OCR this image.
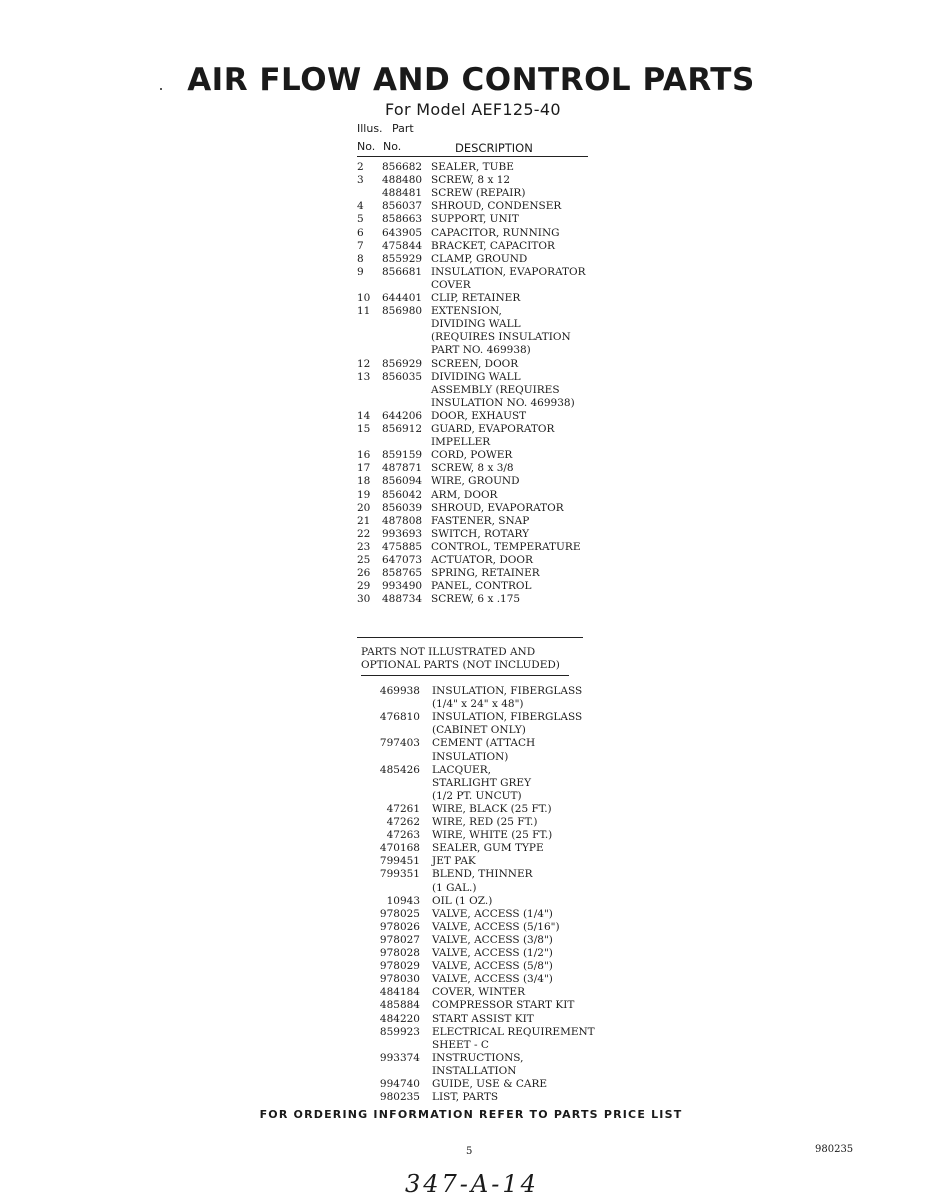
AIR FLOW AND CONTROL PARTS
For Model AEF125-40
Illus. Part
No. No.	DESCRIPTION
2	856682 SEALER, TUBE
3	488480 SCREW, 8 x 12
488481 SCREW (REPAIR)
4	856037 SHROUD, CONDENSER
5	858663 SUPPORT, UNIT
6	643905 CAPACITOR, RUNNING
7	475844 BRACKET, CAPACITOR
8	855929 CLAMP, GROUND
9	856681 INSULATION, EVAPORATOR
COVER
10	644401 CLIP, RETAINER
11	856980 EXTENSION,
DIVIDING WALL
(REQUIRES INSULATION
PART NO. 469938)
12	856929 SCREEN, DOOR
13	856035 DIVIDING WALL
ASSEMBLY (REQUIRES
INSULATION NO. 469938)
14	644206 DOOR, EXHAUST
15	856912 GUARD, EVAPORATOR
IMPELLER
16	859159 CORD, POWER
17	487871 SCREW, 8 x 3/8
18	856094 WIRE, GROUND
19	856042 ARM, DOOR
20	856039 SHROUD, EVAPORATOR
21	487808 FASTENER, SNAP
22	993693 SWITCH, ROTARY
23	475885 CONTROL, TEMPERATURE
25	647073 ACTUATOR, DOOR
26	858765 SPRING, RETAINER
29	993490 PANEL, CONTROL
30	488734 SCREW, 6 x .175
PARTS NOT ILLUSTRATED AND
OPTIONAL PARTS (NOT INCLUDED)
469938 INSULATION, FIBERGLASS
(1/4" x 24" x 48")
476810 INSULATION, FIBERGLASS
(CABINET ONLY)
797403 CEMENT (ATTACH
INSULATION)
485426 LACQUER,
STARLIGHT GREY
(1/2 PT. UNCUT)
47261 WIRE, BLACK (25 FT.)
47262 WIRE, RED (25 FT.)
47263 WIRE, WHITE (25 FT.)
470168 SEALER, GUM TYPE
799451 JET PAK
799351 BLEND, THINNER
(1 GAL.)
10943 OIL (1 OZ.)
978025 VALVE, ACCESS (1/4")
978026 VALVE, ACCESS (5/16")
978027 VALVE, ACCESS (3/8")
978028 VALVE, ACCESS (1/2")
978029 VALVE, ACCESS (5/8")
978030 VALVE, ACCESS (3/4")
484184 COVER, WINTER
485884 COMPRESSOR START KIT
484220 START ASSIST KIT
859923 ELECTRICAL REQUIREMENT
SHEET - C
993374 INSTRUCTIONS,
INSTALLATION
994740 GUIDE, USE & CARE
980235 LIST, PARTS
FOR ORDERING INFORMATION REFER TO PARTS PRICE LIST
5	980235
347-A-14
